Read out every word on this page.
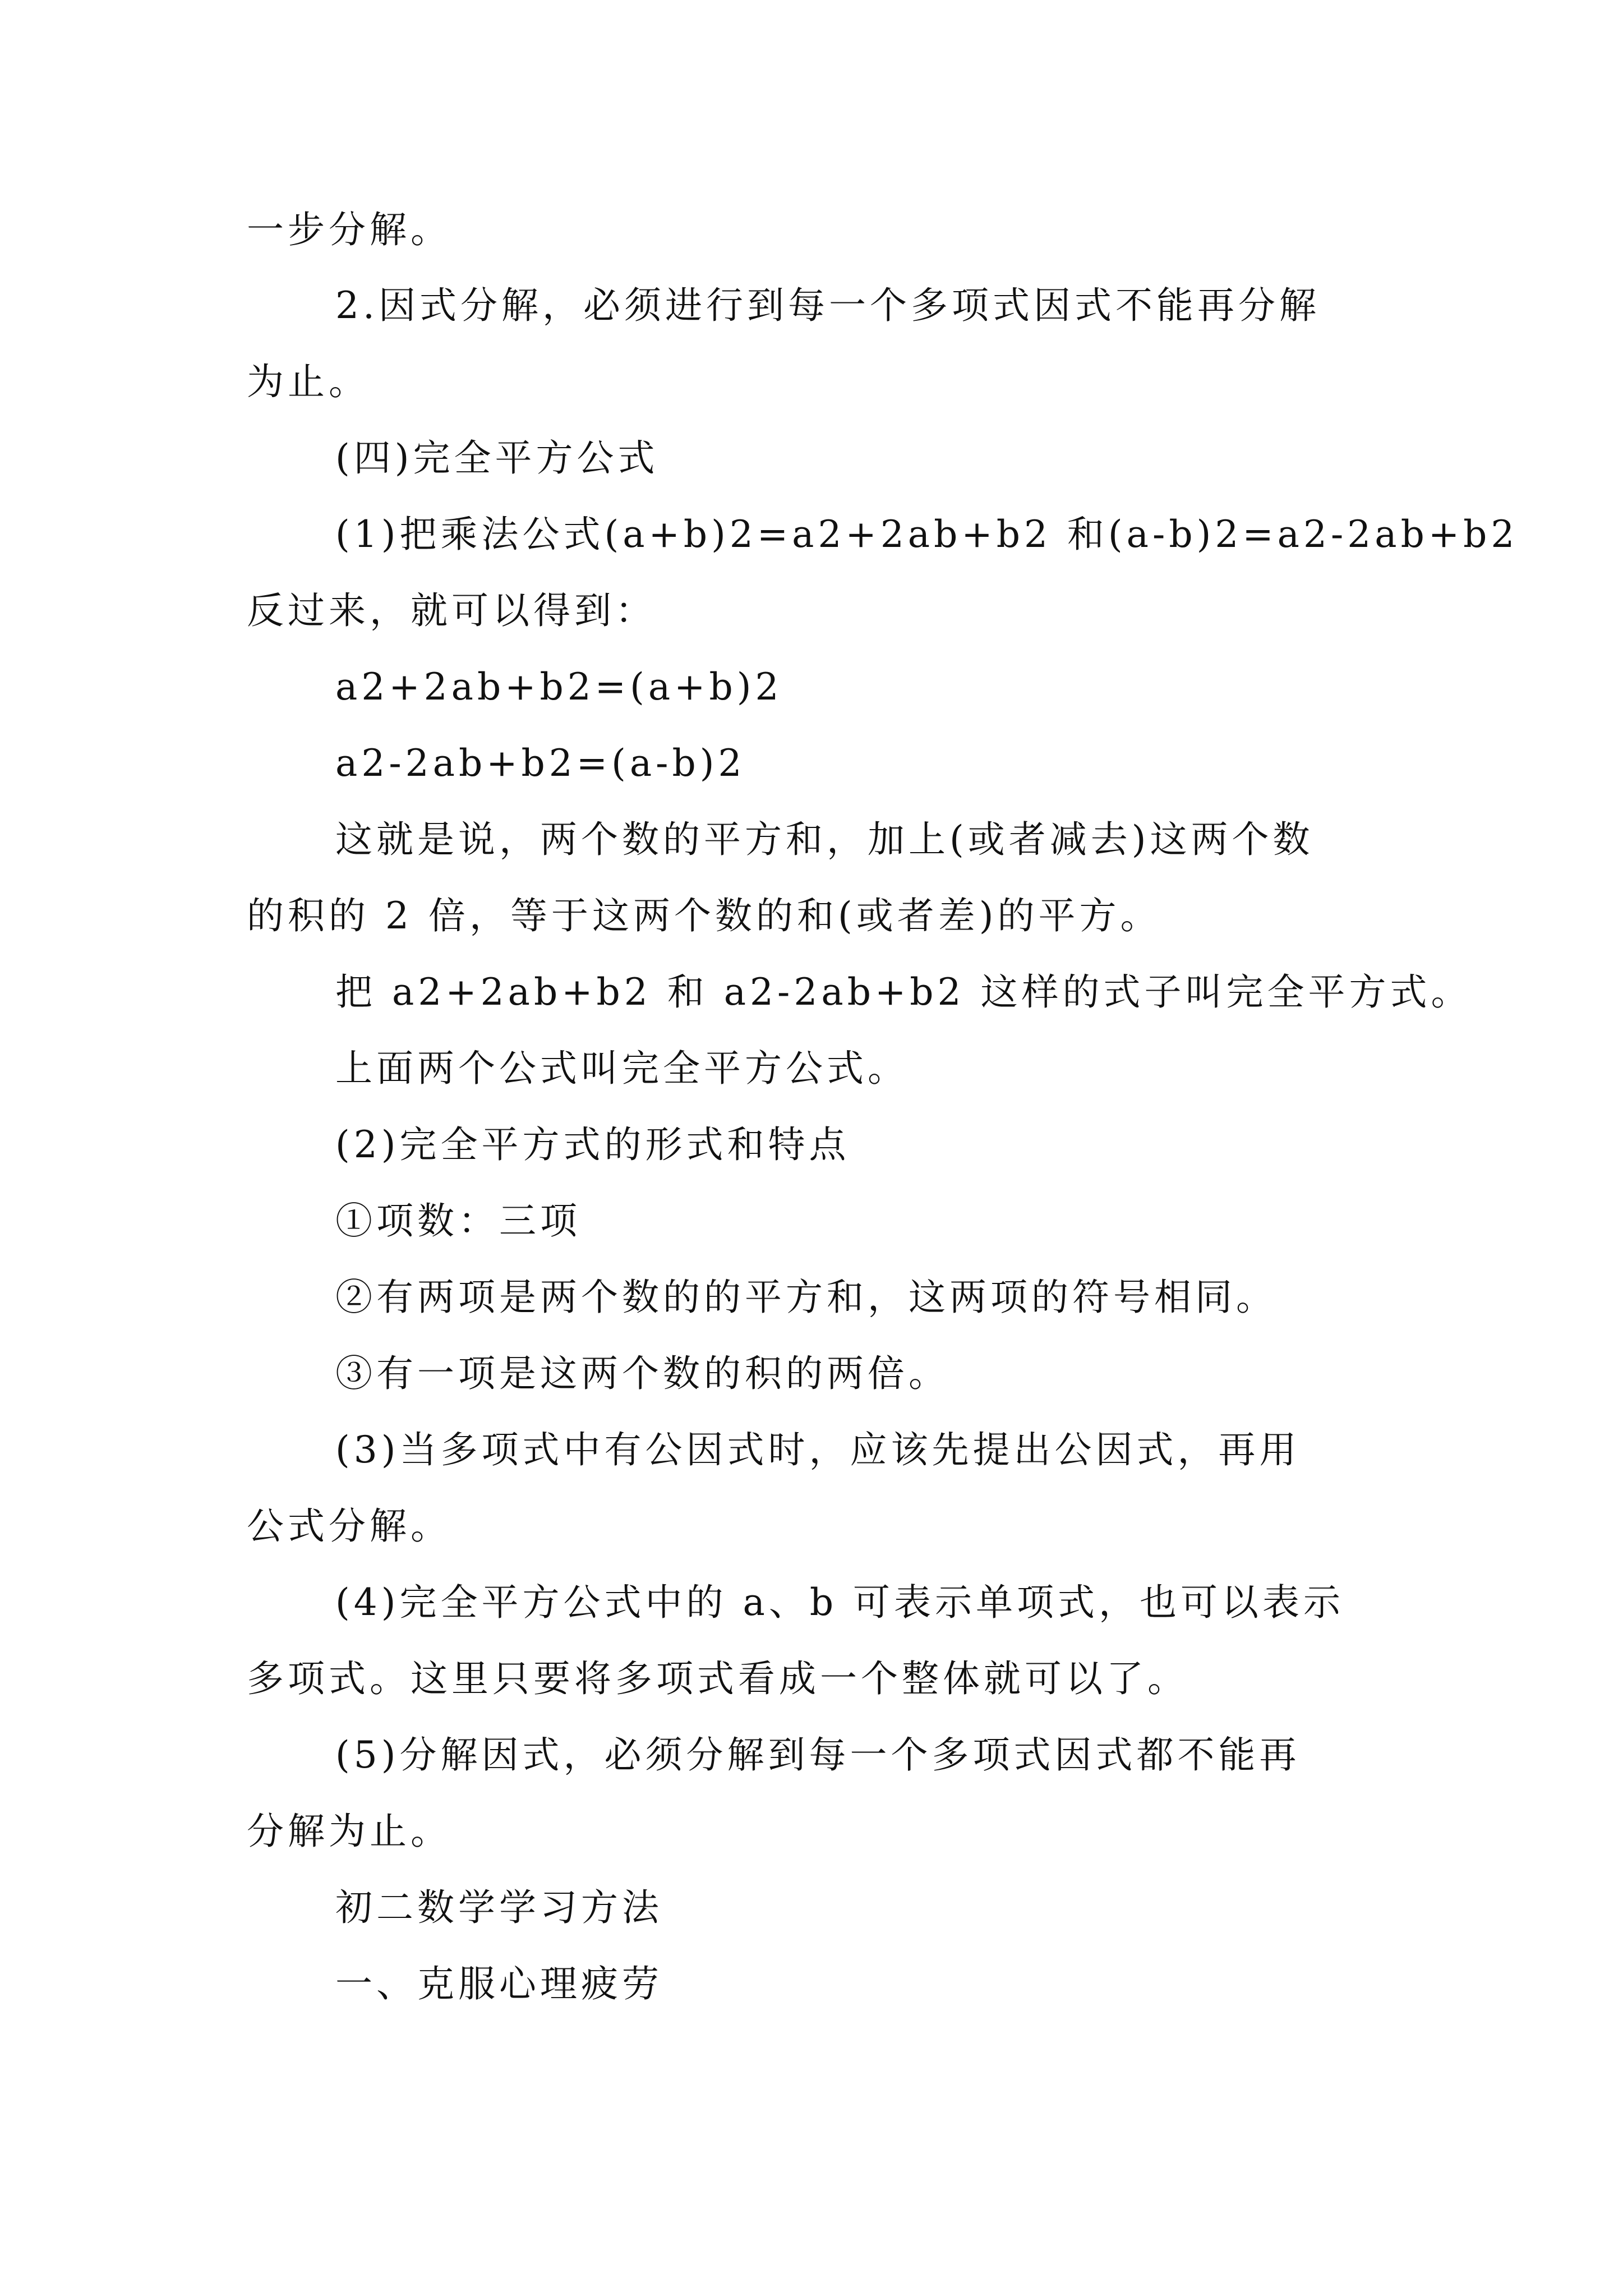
一步分解。
2.因式分解，必须进行到每一个多项式因式不能再分解
为止。
(四)完全平方公式
(1)把乘法公式(a+b)2=a2+2ab+b2 和(a-b)2=a2-2ab+b2
反过来，就可以得到：
a2+2ab+b2=(a+b)2
a2-2ab+b2=(a-b)2
这就是说，两个数的平方和，加上(或者减去)这两个数
的积的 2 倍，等于这两个数的和(或者差)的平方。
把 a2+2ab+b2 和 a2-2ab+b2 这样的式子叫完全平方式。
上面两个公式叫完全平方公式。
(2)完全平方式的形式和特点
①项数：三项
②有两项是两个数的的平方和，这两项的符号相同。
③有一项是这两个数的积的两倍。
(3)当多项式中有公因式时，应该先提出公因式，再用
公式分解。
(4)完全平方公式中的 a、b 可表示单项式，也可以表示
多项式。这里只要将多项式看成一个整体就可以了。
(5)分解因式，必须分解到每一个多项式因式都不能再
分解为止。
初二数学学习方法
一、克服心理疲劳
